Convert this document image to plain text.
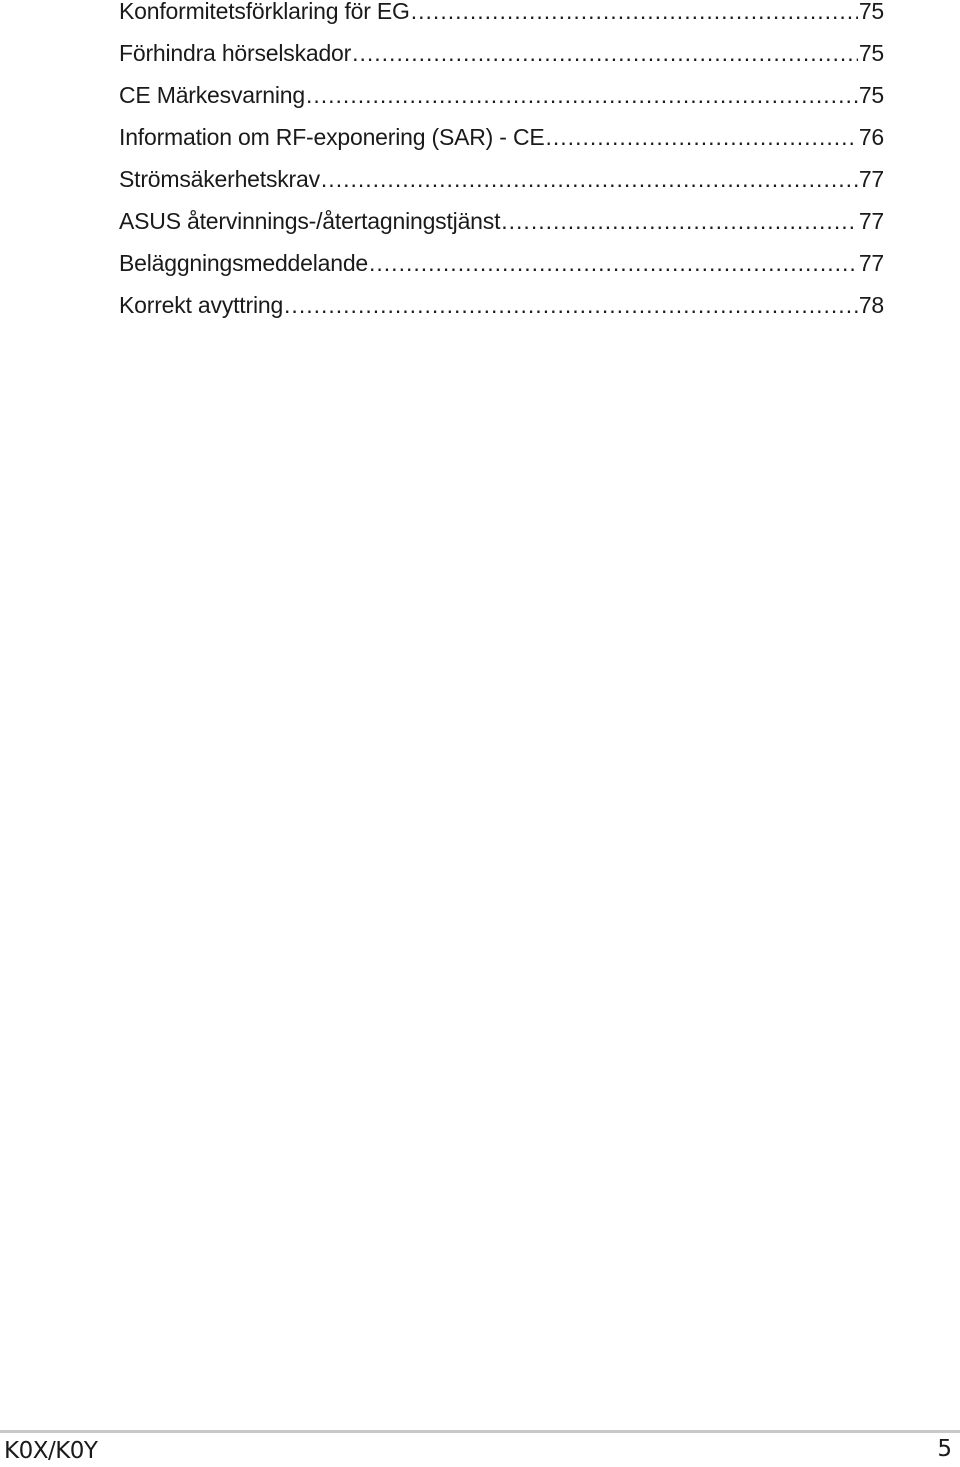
Konformitetsförklaring för EG .....	75
Förhindra hörselskador .....	75
CE Märkesvarning .....	75
Information om RF-exponering (SAR) - CE .....	76
Strömsäkerhetskrav .....	77
ASUS återvinnings-/återtagningstjänst .....	77
Beläggningsmeddelande .....	77
Korrekt avyttring .....	78
K0X/K0Y	5
